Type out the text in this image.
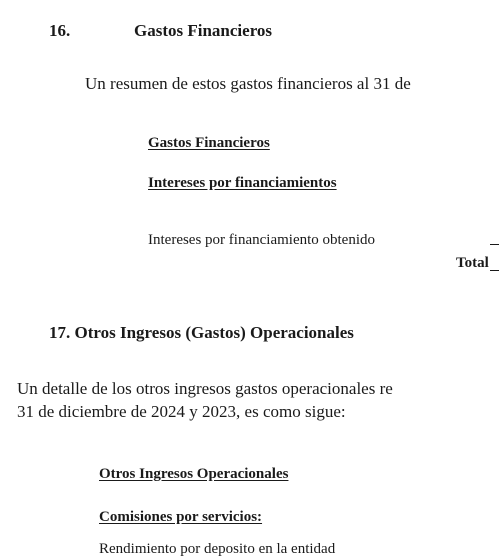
16.	Gastos Financieros
Un resumen de estos gastos financieros al 31 de
Gastos Financieros
Intereses por financiamientos
Intereses por financiamiento obtenido
Total
17. Otros Ingresos (Gastos) Operacionales
Un detalle de los otros ingresos gastos operacionales re
31 de diciembre de 2024 y 2023, es como sigue:
Otros Ingresos Operacionales
Comisiones por servicios:
Rendimiento por deposito en la entidad
